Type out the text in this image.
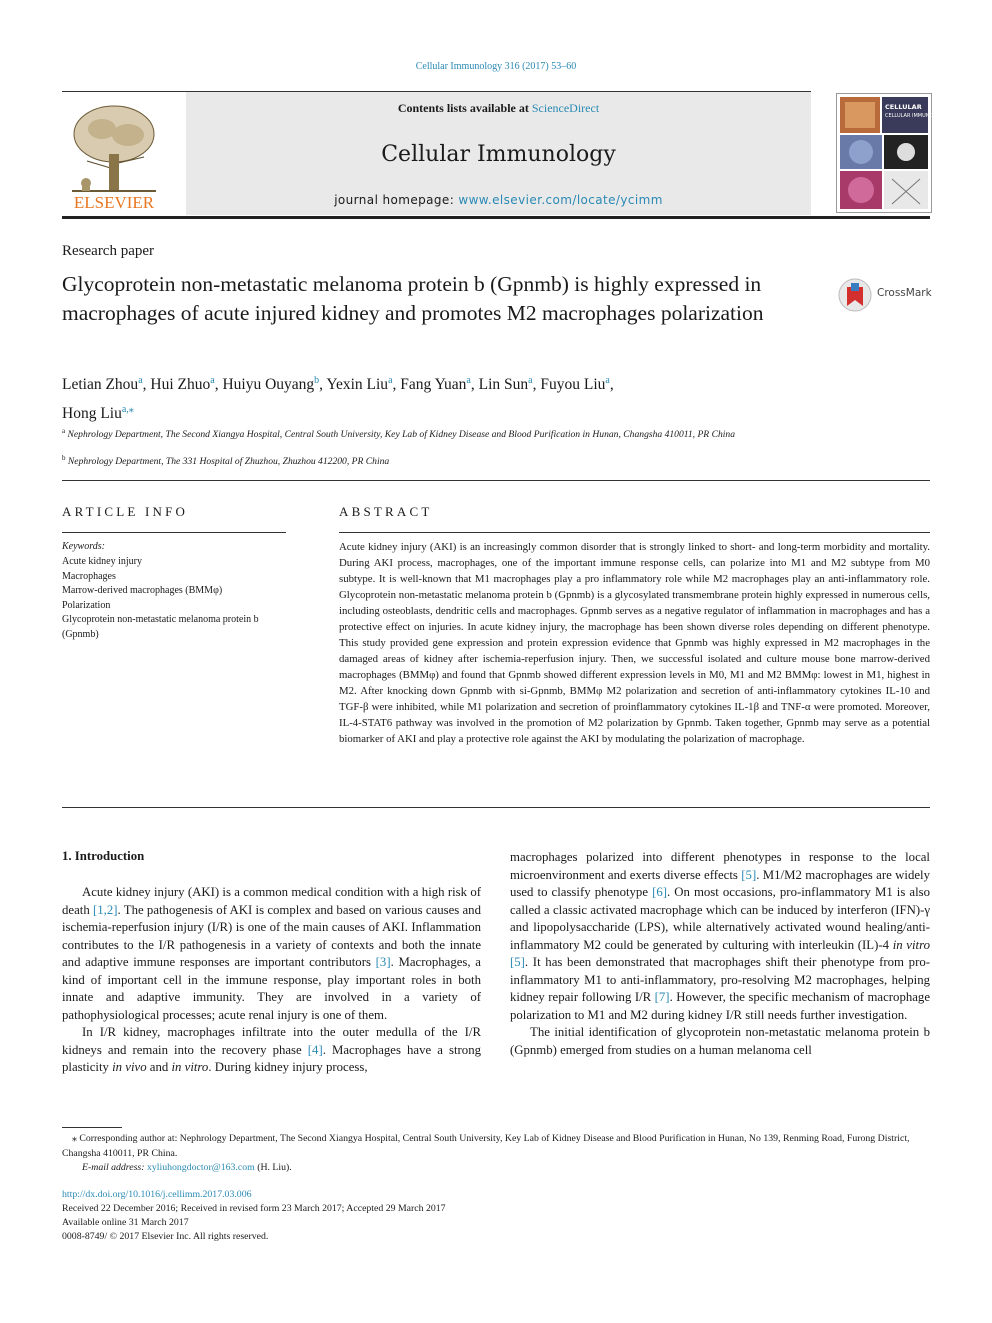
Cellular Immunology 316 (2017) 53–60
Contents lists available at ScienceDirect
Cellular Immunology
journal homepage: www.elsevier.com/locate/ycimm
ELSEVIER
CELLULAR
CELLULAR IMMUNOLOGY
Research paper
Glycoprotein non-metastatic melanoma protein b (Gpnmb) is highly expressed in macrophages of acute injured kidney and promotes M2 macrophages polarization
CrossMark
Letian Zhou$^a$, Hui Zhuo$^a$, Huiyu Ouyang$^b$, Yexin Liu$^a$, Fang Yuan$^a$, Lin Sun$^a$, Fuyou Liu$^a$,
Hong Liu$^{a,⁎}$
$^a$ Nephrology Department, The Second Xiangya Hospital, Central South University, Key Lab of Kidney Disease and Blood Purification in Hunan, Changsha 410011, PR China
$^b$ Nephrology Department, The 331 Hospital of Zhuzhou, Zhuzhou 412200, PR China
ARTICLE INFO
Keywords:
Acute kidney injury
Macrophages
Marrow-derived macrophages (BMMφ)
Polarization
Glycoprotein non-metastatic melanoma protein b (Gpnmb)
ABSTRACT
Acute kidney injury (AKI) is an increasingly common disorder that is strongly linked to short- and long-term morbidity and mortality. During AKI process, macrophages, one of the important immune response cells, can polarize into M1 and M2 subtype from M0 subtype. It is well-known that M1 macrophages play a pro inflammatory role while M2 macrophages play an anti-inflammatory role. Glycoprotein non-metastatic melanoma protein b (Gpnmb) is a glycosylated transmembrane protein highly expressed in numerous cells, including osteoblasts, dendritic cells and macrophages. Gpnmb serves as a negative regulator of inflammation in macrophages and has a protective effect on injuries. In acute kidney injury, the macrophage has been shown diverse roles depending on different phenotype. This study provided gene expression and protein expression evidence that Gpnmb was highly expressed in M2 macrophages in the damaged areas of kidney after ischemia-reperfusion injury. Then, we successful isolated and culture mouse bone marrow-derived macrophages (BMMφ) and found that Gpnmb showed different expression levels in M0, M1 and M2 BMMφ: lowest in M1, highest in M2. After knocking down Gpnmb with si-Gpnmb, BMMφ M2 polarization and secretion of anti-inflammatory cytokines IL-10 and TGF-β were inhibited, while M1 polarization and secretion of proinflammatory cytokines IL-1β and TNF-α were promoted. Moreover, IL-4-STAT6 pathway was involved in the promotion of M2 polarization by Gpnmb. Taken together, Gpnmb may serve as a potential biomarker of AKI and play a protective role against the AKI by modulating the polarization of macrophage.
1. Introduction

Acute kidney injury (AKI) is a common medical condition with a high risk of death [1,2]. The pathogenesis of AKI is complex and based on various causes and ischemia-reperfusion injury (I/R) is one of the main causes of AKI. Inflammation contributes to the I/R pathogenesis in a variety of contexts and both the innate and adaptive immune responses are important contributors [3]. Macrophages, a kind of important cell in the immune response, play important roles in both innate and adaptive immunity. They are involved in a variety of pathophysiological processes; acute renal injury is one of them.

In I/R kidney, macrophages infiltrate into the outer medulla of the I/R kidneys and remain into the recovery phase [4]. Macrophages have a strong plasticity in vivo and in vitro. During kidney injury process,

macrophages polarized into different phenotypes in response to the local microenvironment and exerts diverse effects [5]. M1/M2 macrophages are widely used to classify phenotype [6]. On most occasions, pro-inflammatory M1 is also called a classic activated macrophage which can be induced by interferon (IFN)-γ and lipopolysaccharide (LPS), while alternatively activated wound healing/anti-inflammatory M2 could be generated by culturing with interleukin (IL)-4 in vitro [5]. It has been demonstrated that macrophages shift their phenotype from pro-inflammatory M1 to anti-inflammatory, pro-resolving M2 macrophages, helping kidney repair following I/R [7]. However, the specific mechanism of macrophage polarization to M1 and M2 during kidney I/R still needs further investigation.

The initial identification of glycoprotein non-metastatic melanoma protein b (Gpnmb) emerged from studies on a human melanoma cell

⁎ Corresponding author at: Nephrology Department, The Second Xiangya Hospital, Central South University, Key Lab of Kidney Disease and Blood Purification in Hunan, No 139, Renming Road, Furong District, Changsha 410011, PR China.
E-mail address: xyliuhongdoctor@163.com (H. Liu).
http://dx.doi.org/10.1016/j.cellimm.2017.03.006
Received 22 December 2016; Received in revised form 23 March 2017; Accepted 29 March 2017
Available online 31 March 2017
0008-8749/ © 2017 Elsevier Inc. All rights reserved.
